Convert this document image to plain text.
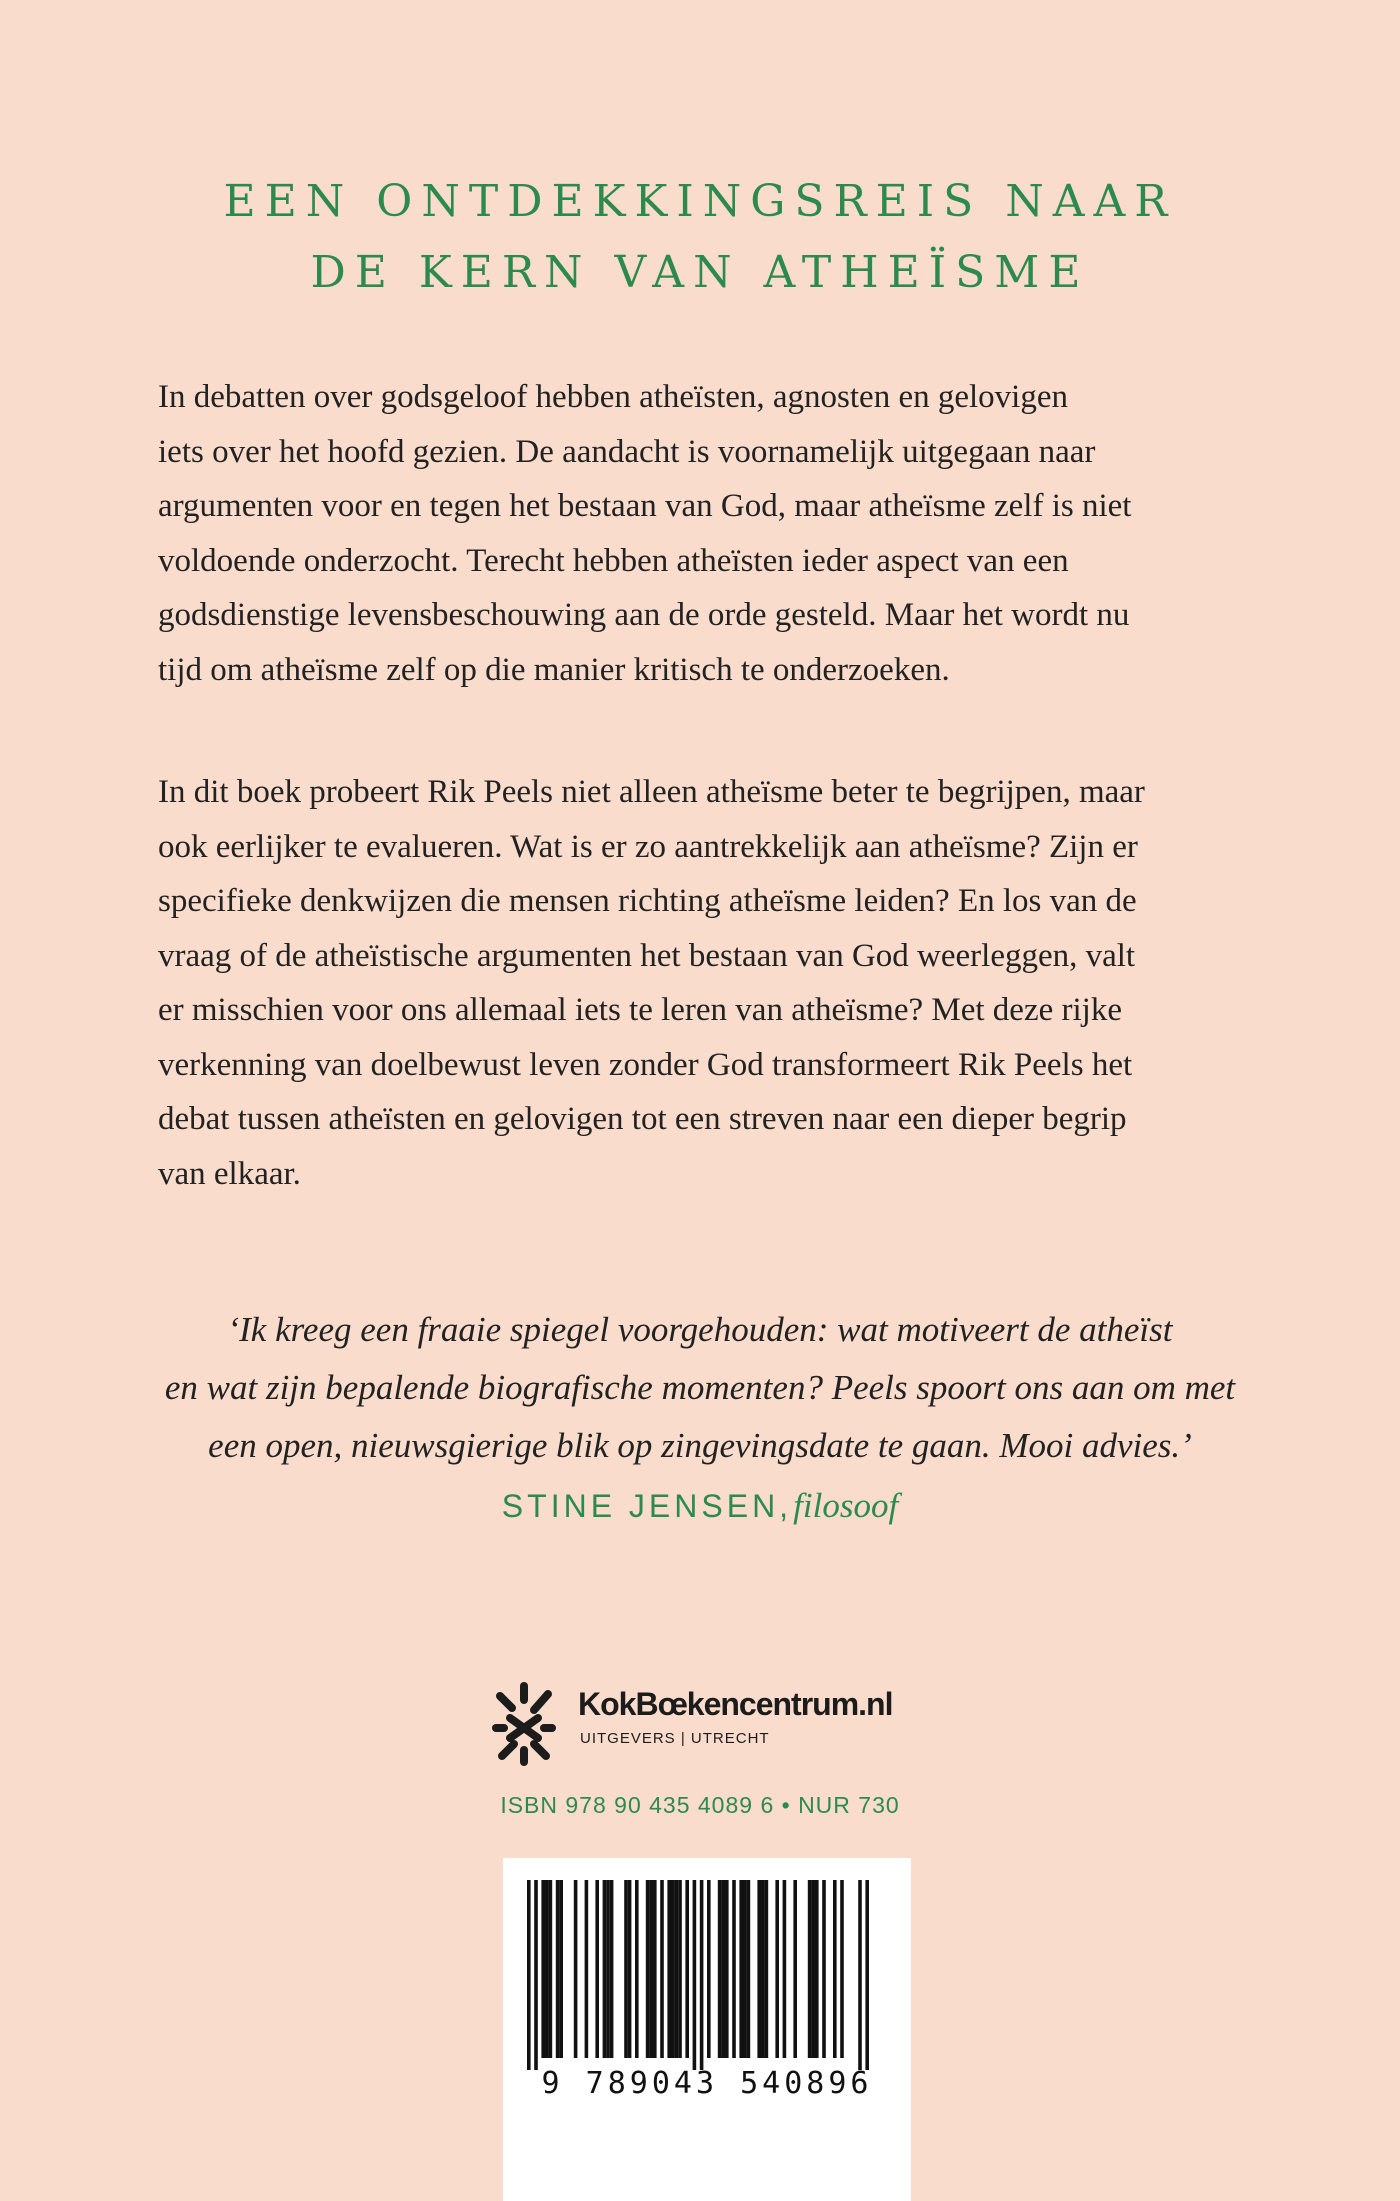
EEN ONTDEKKINGSREIS NAAR
DE KERN VAN ATHEÏSME
In debatten over godsgeloof hebben atheïsten, agnosten en gelovigen
iets over het hoofd gezien. De aandacht is voornamelijk uitgegaan naar
argumenten voor en tegen het bestaan van God, maar atheïsme zelf is niet
voldoende onderzocht. Terecht hebben atheïsten ieder aspect van een
godsdienstige levensbeschouwing aan de orde gesteld. Maar het wordt nu
tijd om atheïsme zelf op die manier kritisch te onderzoeken.
In dit boek probeert Rik Peels niet alleen atheïsme beter te begrijpen, maar
ook eerlijker te evalueren. Wat is er zo aantrekkelijk aan atheïsme? Zijn er
specifieke denkwijzen die mensen richting atheïsme leiden? En los van de
vraag of de atheïstische argumenten het bestaan van God weerleggen, valt
er misschien voor ons allemaal iets te leren van atheïsme? Met deze rijke
verkenning van doelbewust leven zonder God transformeert Rik Peels het
debat tussen atheïsten en gelovigen tot een streven naar een dieper begrip
van elkaar.
‘Ik kreeg een fraaie spiegel voorgehouden: wat motiveert de atheïst
en wat zijn bepalende biografische momenten? Peels spoort ons aan om met
een open, nieuwsgierige blik op zingevingsdate te gaan. Mooi advies.’
STINE JENSEN, filosoof
KokBœkencentrum.nl
UITGEVERS | UTRECHT
ISBN 978 90 435 4089 6 • NUR 730
9 789043 540896
